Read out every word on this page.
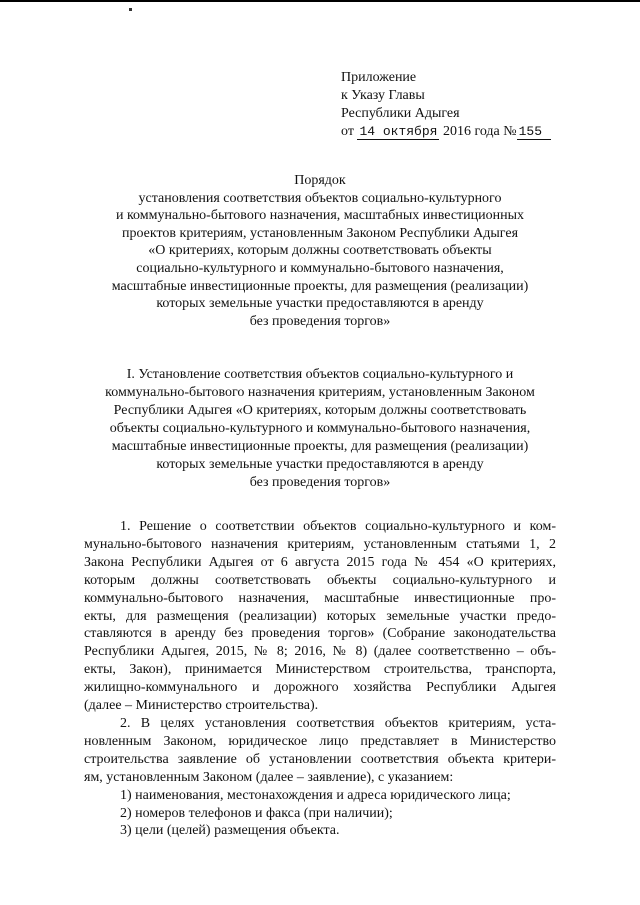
Приложение
к Указу Главы
Республики Адыгея
от 14 октября 2016 года № 155
Порядок
установления соответствия объектов социально-культурного
и коммунально-бытового назначения, масштабных инвестиционных
проектов критериям, установленным Законом Республики Адыгея
«О критериях, которым должны соответствовать объекты
социально-культурного и коммунально-бытового назначения,
масштабные инвестиционные проекты, для размещения (реализации)
которых земельные участки предоставляются в аренду
без проведения торгов»
I. Установление соответствия объектов социально-культурного и
коммунально-бытового назначения критериям, установленным Законом
Республики Адыгея «О критериях, которым должны соответствовать
объекты социально-культурного и коммунально-бытового назначения,
масштабные инвестиционные проекты, для размещения (реализации)
которых земельные участки предоставляются в аренду
без проведения торгов»
1. Решение о соответствии объектов социально-культурного и ком-
мунально-бытового назначения критериям, установленным статьями 1, 2
Закона Республики Адыгея от 6 августа 2015 года № 454 «О критериях,
которым должны соответствовать объекты социально-культурного и
коммунально-бытового назначения, масштабные инвестиционные про-
екты, для размещения (реализации) которых земельные участки предо-
ставляются в аренду без проведения торгов» (Собрание законодательства
Республики Адыгея, 2015, № 8; 2016, № 8) (далее соответственно – объ-
екты, Закон), принимается Министерством строительства, транспорта,
жилищно-коммунального и дорожного хозяйства Республики Адыгея
(далее – Министерство строительства).
2. В целях установления соответствия объектов критериям, уста-
новленным Законом, юридическое лицо представляет в Министерство
строительства заявление об установлении соответствия объекта критери-
ям, установленным Законом (далее – заявление), с указанием:
1) наименования, местонахождения и адреса юридического лица;
2) номеров телефонов и факса (при наличии);
3) цели (целей) размещения объекта.
